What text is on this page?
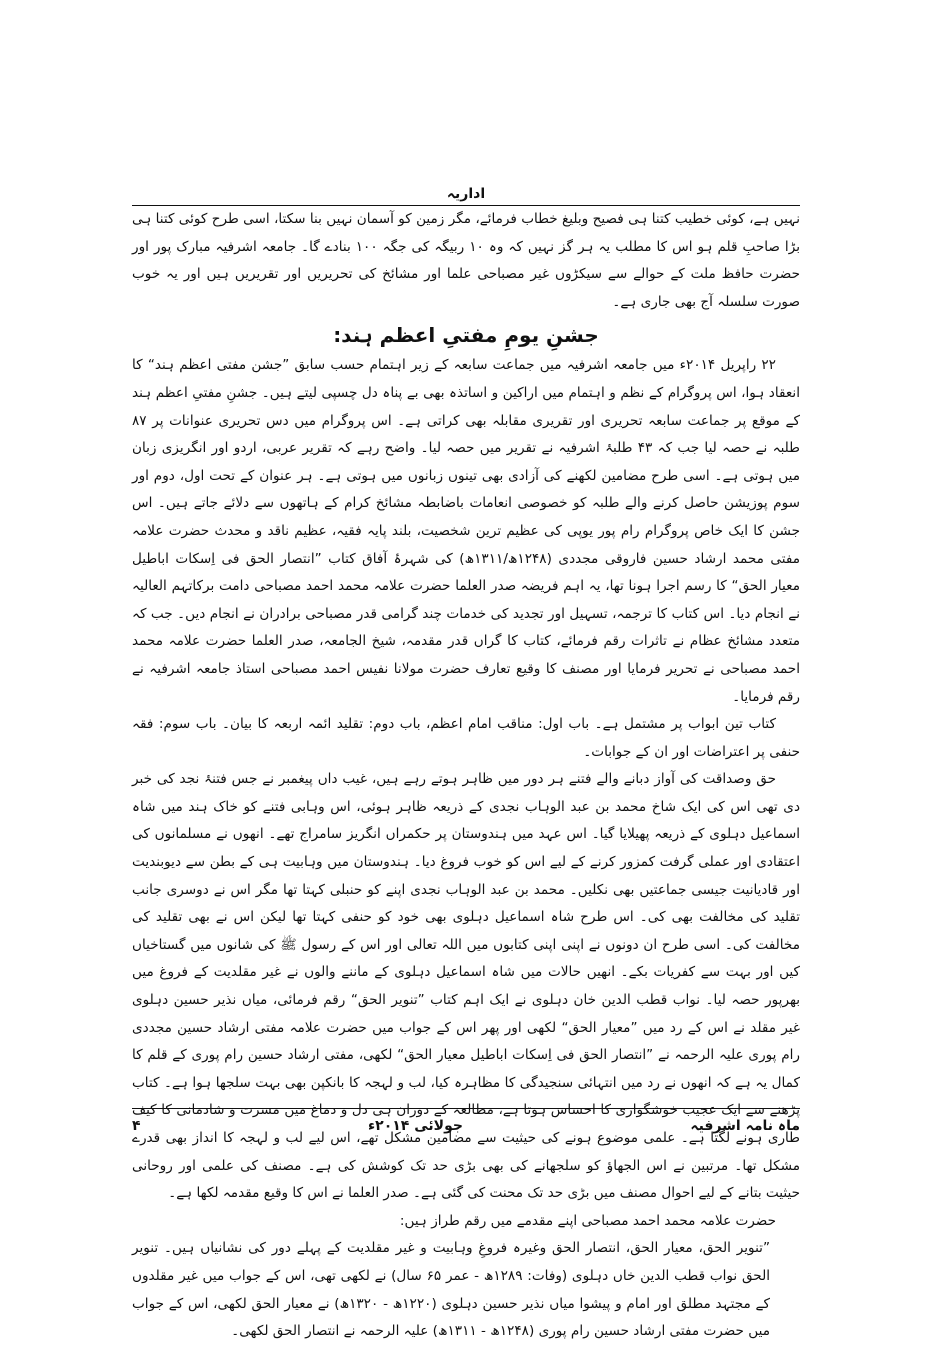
اداریہ

نہیں ہے، کوئی خطیب کتنا ہی فصیح وبلیغ خطاب فرمائے، مگر زمین کو آسمان نہیں بنا سکتا، اسی طرح کوئی کتنا ہی بڑا صاحبِ قلم ہو اس کا مطلب یہ ہر گز نہیں کہ وہ ۱۰ ربیگہ کی جگہ ۱۰۰ بنادے گا۔ جامعہ اشرفیہ مبارک پور اور حضرت حافظ ملت کے حوالے سے سیکڑوں غیر مصباحی علما اور مشائخ کی تحریریں اور تقریریں ہیں اور یہ خوب صورت سلسلہ آج بھی جاری ہے۔

جشنِ یومِ مفتیِ اعظم ہند:

۲۲ راپریل ۲۰۱۴ء میں جامعہ اشرفیہ میں جماعت سابعہ کے زیر اہتمام حسب سابق ”جشن مفتی اعظم ہند“ کا انعقاد ہوا، اس پروگرام کے نظم و اہتمام میں اراکین و اساتذہ بھی بے پناہ دل چسپی لیتے ہیں۔ جشنِ مفتیِ اعظم ہند کے موقع پر جماعت سابعہ تحریری اور تقریری مقابلہ بھی کراتی ہے۔ اس پروگرام میں دس تحریری عنوانات پر ۸۷ طلبہ نے حصہ لیا جب کہ ۴۳ طلبۂ اشرفیہ نے تقریر میں حصہ لیا۔ واضح رہے کہ تقریر عربی، اردو اور انگریزی زبان میں ہوتی ہے۔ اسی طرح مضامین لکھنے کی آزادی بھی تینوں زبانوں میں ہوتی ہے۔ ہر عنوان کے تحت اول، دوم اور سوم پوزیشن حاصل کرنے والے طلبہ کو خصوصی انعامات باضابطہ مشائخ کرام کے ہاتھوں سے دلائے جاتے ہیں۔ اس جشن کا ایک خاص پروگرام رام پور یوپی کی عظیم ترین شخصیت، بلند پایہ فقیہ، عظیم ناقد و محدث حضرت علامہ مفتی محمد ارشاد حسین فاروقی مجددی (۱۲۴۸ھ/۱۳۱۱ھ) کی شہرۂ آفاق کتاب ”انتصار الحق فی اِسکات اباطیل معیار الحق“ کا رسم اجرا ہونا تھا، یہ اہم فریضہ صدر العلما حضرت علامہ محمد احمد مصباحی دامت برکاتہم العالیہ نے انجام دیا۔ اس کتاب کا ترجمہ، تسہیل اور تجدید کی خدمات چند گرامی قدر مصباحی برادران نے انجام دیں۔ جب کہ متعدد مشائخ عظام نے تاثرات رقم فرمائے، کتاب کا گراں قدر مقدمہ، شیخ الجامعہ، صدر العلما حضرت علامہ محمد احمد مصباحی نے تحریر فرمایا اور مصنف کا وقیع تعارف حضرت مولانا نفیس احمد مصباحی استاذ جامعہ اشرفیہ نے رقم فرمایا۔

کتاب تین ابواب پر مشتمل ہے۔ باب اول: مناقب امام اعظم، باب دوم: تقلید ائمہ اربعہ کا بیان۔ باب سوم: فقہ حنفی پر اعتراضات اور ان کے جوابات۔

حق وصداقت کی آواز دبانے والے فتنے ہر دور میں ظاہر ہوتے رہے ہیں، غیب داں پیغمبر نے جس فتنۂ نجد کی خبر دی تھی اس کی ایک شاخ محمد بن عبد الوہاب نجدی کے ذریعہ ظاہر ہوئی، اس وہابی فتنے کو خاک ہند میں شاہ اسماعیل دہلوی کے ذریعہ پھیلایا گیا۔ اس عہد میں ہندوستان پر حکمراں انگریز سامراج تھے۔ انھوں نے مسلمانوں کی اعتقادی اور عملی گرفت کمزور کرنے کے لیے اس کو خوب فروغ دیا۔ ہندوستان میں وہابیت ہی کے بطن سے دیوبندیت اور قادیانیت جیسی جماعتیں بھی نکلیں۔ محمد بن عبد الوہاب نجدی اپنے کو حنبلی کہتا تھا مگر اس نے دوسری جانب تقلید کی مخالفت بھی کی۔ اس طرح شاہ اسماعیل دہلوی بھی خود کو حنفی کہتا تھا لیکن اس نے بھی تقلید کی مخالفت کی۔ اسی طرح ان دونوں نے اپنی اپنی کتابوں میں اللہ تعالی اور اس کے رسول ﷺ کی شانوں میں گستاخیاں کیں اور بہت سے کفریات بکے۔ انھیں حالات میں شاہ اسماعیل دہلوی کے ماننے والوں نے غیر مقلدیت کے فروغ میں بھرپور حصہ لیا۔ نواب قطب الدین خان دہلوی نے ایک اہم کتاب ”تنویر الحق“ رقم فرمائی، میاں نذیر حسین دہلوی غیر مقلد نے اس کے رد میں ”معیار الحق“ لکھی اور پھر اس کے جواب میں حضرت علامہ مفتی ارشاد حسین مجددی رام پوری علیہ الرحمہ نے ”انتصار الحق فی اِسکات اباطیل معیار الحق“ لکھی، مفتی ارشاد حسین رام پوری کے قلم کا کمال یہ ہے کہ انھوں نے رد میں انتہائی سنجیدگی کا مظاہرہ کیا، لب و لہجہ کا بانکپن بھی بہت سلجھا ہوا ہے۔ کتاب پڑھنے سے ایک عجیب خوشگواری کا احساس ہوتا ہے، مطالعہ کے دوران ہی دل و دماغ میں مسرت و شادمانی کا کیف طاری ہونے لگتا ہے۔ علمی موضوع ہونے کی حیثیت سے مضامین مشکل تھے، اس لیے لب و لہجہ کا انداز بھی قدرے مشکل تھا۔ مرتبین نے اس الجھاؤ کو سلجھانے کی بھی بڑی حد تک کوشش کی ہے۔ مصنف کی علمی اور روحانی حیثیت بتانے کے لیے احوال مصنف میں بڑی حد تک محنت کی گئی ہے۔ صدر العلما نے اس کا وقیع مقدمہ لکھا ہے۔

حضرت علامہ محمد احمد مصباحی اپنے مقدمے میں رقم طراز ہیں:

”تنویر الحق، معیار الحق، انتصار الحق وغیرہ فروغِ وہابیت و غیر مقلدیت کے پہلے دور کی نشانیاں ہیں۔ تنویر الحق نواب قطب الدین خاں دہلوی (وفات: ۱۲۸۹ھ - عمر ۶۵ سال) نے لکھی تھی، اس کے جواب میں غیر مقلدوں کے مجتہد مطلق اور امام و پیشوا میاں نذیر حسین دہلوی (۱۲۲۰ھ - ۱۳۲۰ھ) نے معیار الحق لکھی، اس کے جواب میں حضرت مفتی ارشاد حسین رام پوری (۱۲۴۸ھ - ۱۳۱۱ھ) علیہ الرحمہ نے انتصار الحق لکھی۔

ماہ نامہ اشرفیہ
جولائی ۲۰۱۴ء
۴
